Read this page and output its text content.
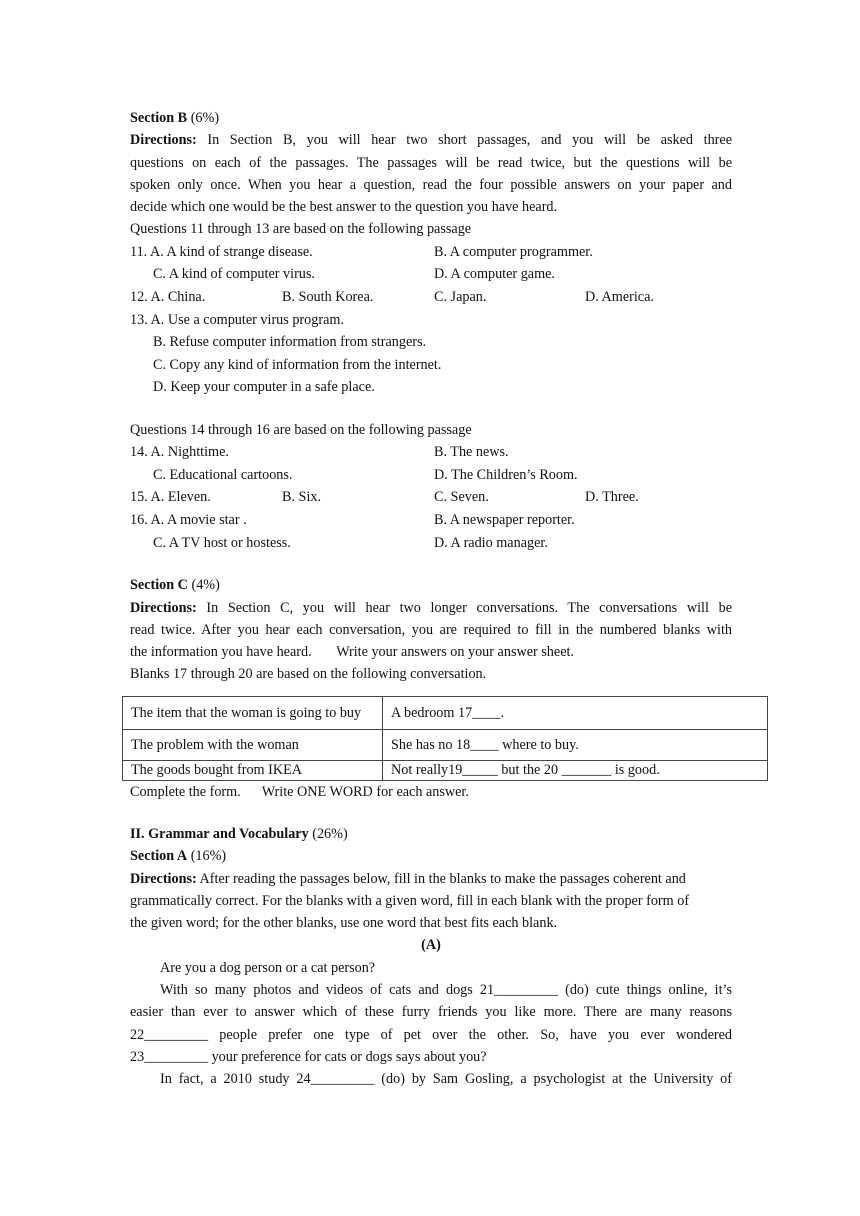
Section B (6%)
Directions: In Section B, you will hear two short passages, and you will be asked three
questions on each of the passages. The passages will be read twice, but the questions will be
spoken only once. When you hear a question, read the four possible answers on your paper and
decide which one would be the best answer to the question you have heard.
Questions 11 through 13 are based on the following passage
11. A. A kind of strange disease.	B. A computer programmer.
C. A kind of computer virus.	D. A computer game.
12. A. China.	B. South Korea.	C. Japan.	D. America.
13. A. Use a computer virus program.
B. Refuse computer information from strangers.
C. Copy any kind of information from the internet.
D. Keep your computer in a safe place.
Questions 14 through 16 are based on the following passage
14. A. Nighttime.	B. The news.
C. Educational cartoons.	D. The Children’s Room.
15. A. Eleven.	B. Six.	C. Seven.	D. Three.
16. A. A movie star .	B. A newspaper reporter.
C. A TV host or hostess.	D. A radio manager.
Section C (4%)
Directions: In Section C, you will hear two longer conversations. The conversations will be
read twice. After you hear each conversation, you are required to fill in the numbered blanks with
the information you have heard.       Write your answers on your answer sheet.
Blanks 17 through 20 are based on the following conversation.
The item that the woman is going to buy	A bedroom 17____.
The problem with the woman	She has no 18____ where to buy.
The goods bought from IKEA	Not really19_____ but the 20 _______ is good.
Complete the form.      Write ONE WORD for each answer.
II. Grammar and Vocabulary (26%)
Section A (16%)
Directions: After reading the passages below, fill in the blanks to make the passages coherent and
grammatically correct. For the blanks with a given word, fill in each blank with the proper form of
the given word; for the other blanks, use one word that best fits each blank.
(A)
Are you a dog person or a cat person?
With so many photos and videos of cats and dogs 21_________ (do) cute things online, it’s
easier than ever to answer which of these furry friends you like more. There are many reasons
22_________ people prefer one type of pet over the other. So, have you ever wondered
23_________ your preference for cats or dogs says about you?
In fact, a 2010 study 24_________ (do) by Sam Gosling, a psychologist at the University of
